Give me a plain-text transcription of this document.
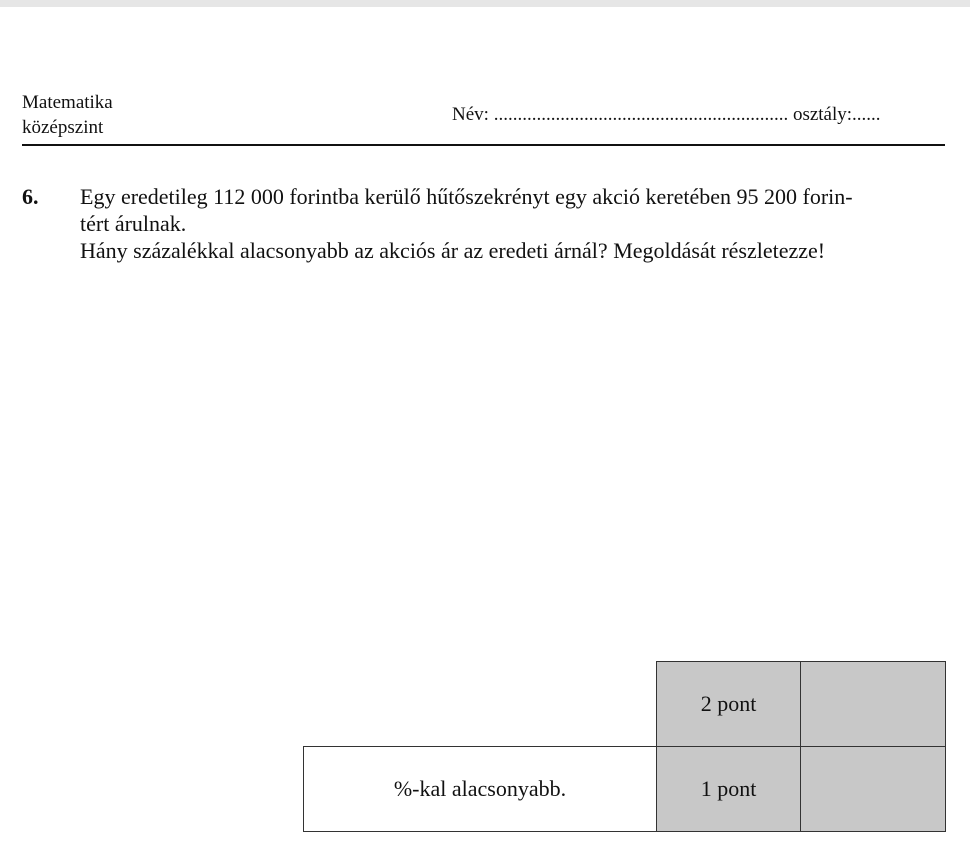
Matematika
középszint
Név: .............................................................. osztály:......
6. Egy eredetileg 112 000 forintba kerülő hűtőszekrényt egy akció keretében 95 200 forin-

tért árulnak.

Hány százalékkal alacsonyabb az akciós ár az eredeti árnál? Megoldását részletezze!

	2 pont	
%-kal alacsonyabb.	1 pont	
